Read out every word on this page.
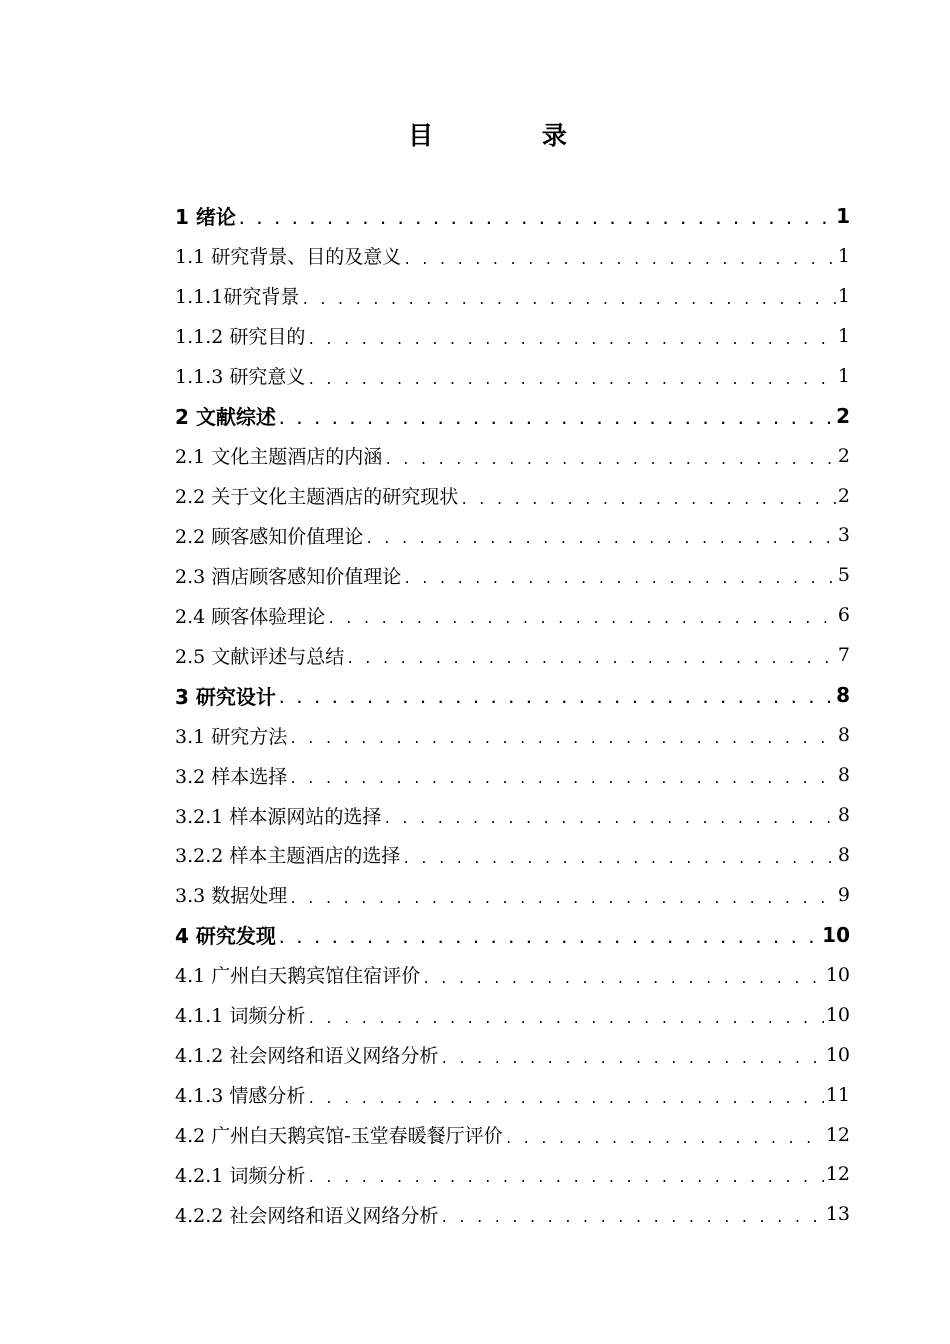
目 录
1 绪论 . . .	1
1.1 研究背景、目的及意义 . . .	1
1.1.1研究背景 . . .	1
1.1.2 研究目的 . . .	1
1.1.3 研究意义 . . .	1
2 文献综述 . . .	2
2.1 文化主题酒店的内涵 . . .	2
2.2 关于文化主题酒店的研究现状 . . .	2
2.2 顾客感知价值理论 . . .	3
2.3 酒店顾客感知价值理论 . . .	5
2.4 顾客体验理论 . . .	6
2.5 文献评述与总结 . . .	7
3 研究设计 . . .	8
3.1 研究方法 . . .	8
3.2 样本选择 . . .	8
3.2.1 样本源网站的选择 . . .	8
3.2.2 样本主题酒店的选择 . . .	8
3.3 数据处理 . . .	9
4 研究发现 . . .	10
4.1 广州白天鹅宾馆住宿评价 . . .	10
4.1.1 词频分析 . . .	10
4.1.2 社会网络和语义网络分析 . . .	10
4.1.3 情感分析 . . .	11
4.2 广州白天鹅宾馆-玉堂春暖餐厅评价 . . .	12
4.2.1 词频分析 . . .	12
4.2.2 社会网络和语义网络分析 . . .	13
